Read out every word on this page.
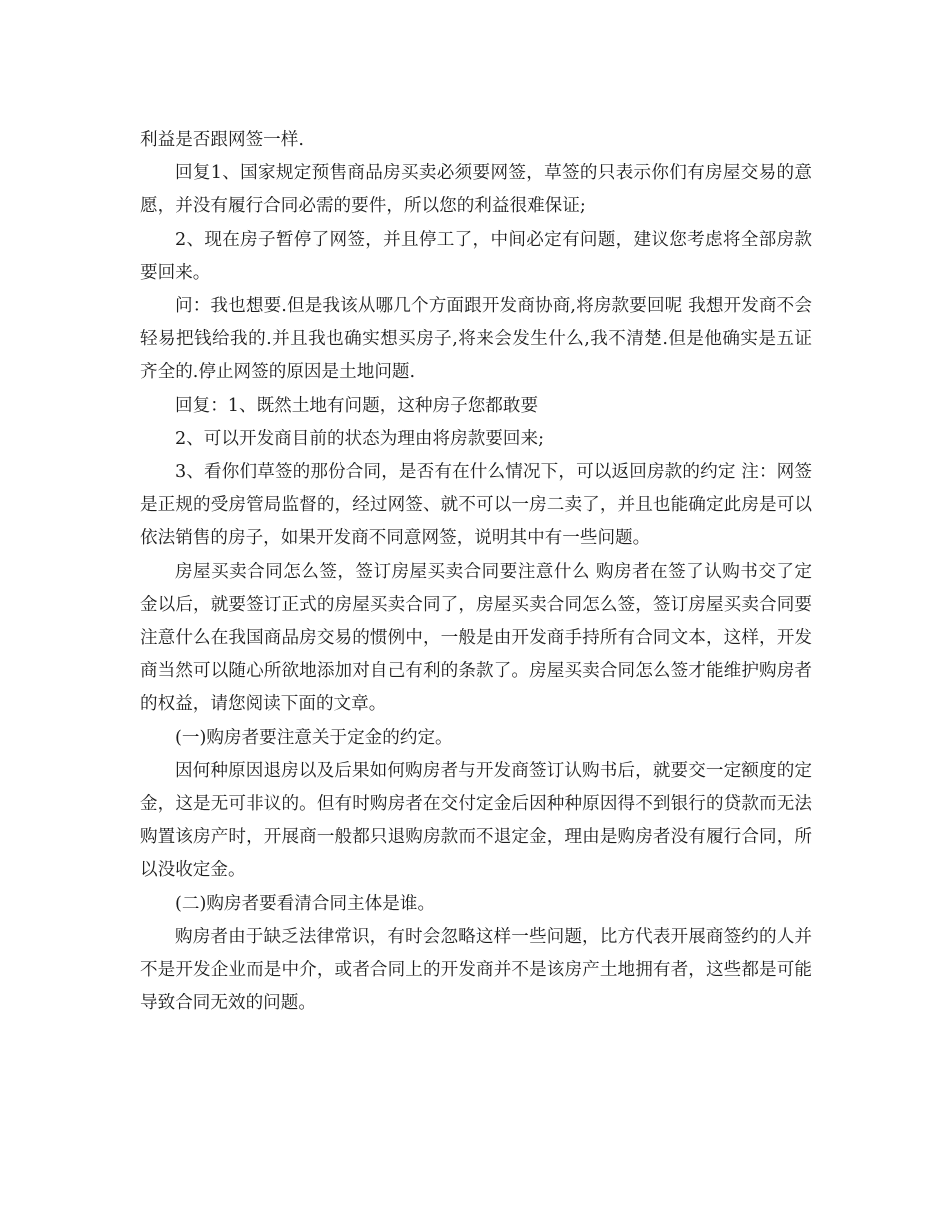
利益是否跟网签一样.

回复1、国家规定预售商品房买卖必须要网签，草签的只表示你们有房屋交易的意愿，并没有履行合同必需的要件，所以您的利益很难保证;

2、现在房子暂停了网签，并且停工了，中间必定有问题，建议您考虑将全部房款要回来。

问：我也想要.但是我该从哪几个方面跟开发商协商,将房款要回呢 我想开发商不会轻易把钱给我的.并且我也确实想买房子,将来会发生什么,我不清楚.但是他确实是五证齐全的.停止网签的原因是土地问题.

回复：1、既然土地有问题，这种房子您都敢要

2、可以开发商目前的状态为理由将房款要回来;

3、看你们草签的那份合同，是否有在什么情况下，可以返回房款的约定 注：网签是正规的受房管局监督的，经过网签、就不可以一房二卖了，并且也能确定此房是可以依法销售的房子，如果开发商不同意网签，说明其中有一些问题。

房屋买卖合同怎么签，签订房屋买卖合同要注意什么 购房者在签了认购书交了定金以后，就要签订正式的房屋买卖合同了，房屋买卖合同怎么签，签订房屋买卖合同要注意什么在我国商品房交易的惯例中，一般是由开发商手持所有合同文本，这样，开发商当然可以随心所欲地添加对自己有利的条款了。房屋买卖合同怎么签才能维护购房者的权益，请您阅读下面的文章。

(一)购房者要注意关于定金的约定。

因何种原因退房以及后果如何购房者与开发商签订认购书后，就要交一定额度的定金，这是无可非议的。但有时购房者在交付定金后因种种原因得不到银行的贷款而无法购置该房产时，开展商一般都只退购房款而不退定金，理由是购房者没有履行合同，所以没收定金。

(二)购房者要看清合同主体是谁。

购房者由于缺乏法律常识，有时会忽略这样一些问题，比方代表开展商签约的人并不是开发企业而是中介，或者合同上的开发商并不是该房产土地拥有者，这些都是可能导致合同无效的问题。
